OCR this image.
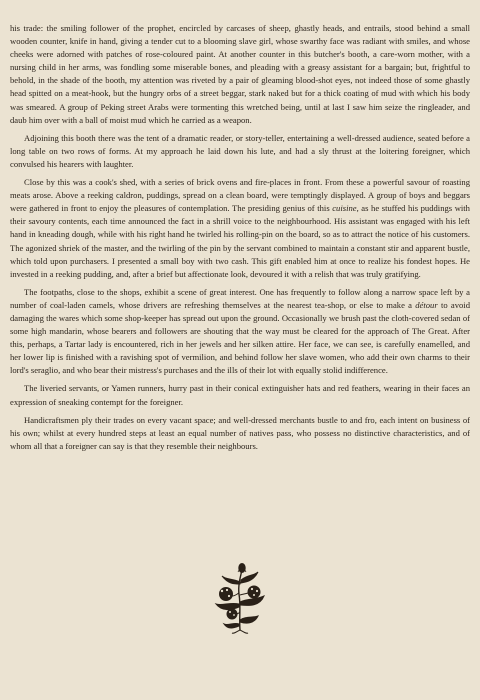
his trade: the smiling follower of the prophet, encircled by carcases of sheep, ghastly heads, and entrails, stood behind a small wooden counter, knife in hand, giving a tender cut to a blooming slave girl, whose swarthy face was radiant with smiles, and whose cheeks were adorned with patches of rose-coloured paint. At another counter in this butcher's booth, a care-worn mother, with a nursing child in her arms, was fondling some miserable bones, and pleading with a greasy assistant for a bargain; but, frightful to behold, in the shade of the booth, my attention was riveted by a pair of gleaming blood-shot eyes, not indeed those of some ghastly head spitted on a meat-hook, but the hungry orbs of a street beggar, stark naked but for a thick coating of mud with which his body was smeared. A group of Peking street Arabs were tormenting this wretched being, until at last I saw him seize the ringleader, and daub him over with a ball of moist mud which he carried as a weapon.

Adjoining this booth there was the tent of a dramatic reader, or story-teller, entertaining a well-dressed audience, seated before a long table on two rows of forms. At my approach he laid down his lute, and had a sly thrust at the loitering foreigner, which convulsed his hearers with laughter.

Close by this was a cook's shed, with a series of brick ovens and fire-places in front. From these a powerful savour of roasting meats arose. Above a reeking caldron, puddings, spread on a clean board, were temptingly displayed. A group of boys and beggars were gathered in front to enjoy the pleasures of contemplation. The presiding genius of this cuisine, as he stuffed his puddings with their savoury contents, each time announced the fact in a shrill voice to the neighbourhood. His assistant was engaged with his left hand in kneading dough, while with his right hand he twirled his rolling-pin on the board, so as to attract the notice of his customers. The agonized shriek of the master, and the twirling of the pin by the servant combined to maintain a constant stir and apparent bustle, which told upon purchasers. I presented a small boy with two cash. This gift enabled him at once to realize his fondest hopes. He invested in a reeking pudding, and, after a brief but affectionate look, devoured it with a relish that was truly gratifying.

The footpaths, close to the shops, exhibit a scene of great interest. One has frequently to follow along a narrow space left by a number of coal-laden camels, whose drivers are refreshing themselves at the nearest tea-shop, or else to make a détour to avoid damaging the wares which some shop-keeper has spread out upon the ground. Occasionally we brush past the cloth-covered sedan of some high mandarin, whose bearers and followers are shouting that the way must be cleared for the approach of The Great. After this, perhaps, a Tartar lady is encountered, rich in her jewels and her silken attire. Her face, we can see, is carefully enamelled, and her lower lip is finished with a ravishing spot of vermilion, and behind follow her slave women, who add their own charms to their lord's seraglio, and who bear their mistress's purchases and the ills of their lot with equally stolid indifference.

The liveried servants, or Yamen runners, hurry past in their conical extinguisher hats and red feathers, wearing in their faces an expression of sneaking contempt for the foreigner.

Handicraftsmen ply their trades on every vacant space; and well-dressed merchants bustle to and fro, each intent on business of his own; whilst at every hundred steps at least an equal number of natives pass, who possess no distinctive characteristics, and of whom all that a foreigner can say is that they resemble their neighbours.
